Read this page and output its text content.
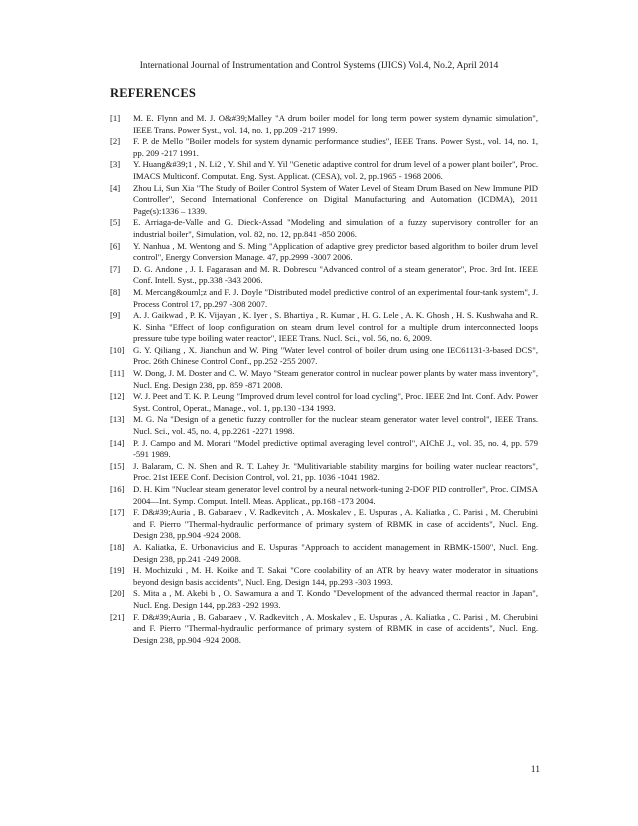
International Journal of Instrumentation and Control Systems (IJICS) Vol.4, No.2, April 2014
REFERENCES
[1]	M. E. Flynn and M. J. O&#39;Malley "A drum boiler model for long term power system dynamic simulation", IEEE Trans. Power Syst., vol. 14, no. 1, pp.209 -217 1999.
[2]	F. P. de Mello "Boiler models for system dynamic performance studies", IEEE Trans. Power Syst., vol. 14, no. 1, pp. 209 -217 1991.
[3]	Y. Huang&#39;1 , N. Li2 , Y. Shil and Y. Yil "Genetic adaptive control for drum level of a power plant boiler", Proc. IMACS Multiconf. Computat. Eng. Syst. Applicat. (CESA), vol. 2, pp.1965 - 1968 2006.
[4]	Zhou Li, Sun Xia "The Study of Boiler Control System of Water Level of Steam Drum Based on New Immune PID Controller", Second International Conference on Digital Manufacturing and Automation (ICDMA), 2011 Page(s):1336 – 1339.
[5]	E. Arriaga-de-Valle and G. Dieck-Assad "Modeling and simulation of a fuzzy supervisory controller for an industrial boiler", Simulation, vol. 82, no. 12, pp.841 -850 2006.
[6]	Y. Nanhua , M. Wentong and S. Ming "Application of adaptive grey predictor based algorithm to boiler drum level control", Energy Conversion Manage. 47, pp.2999 -3007 2006.
[7]	D. G. Andone , J. I. Fagarasan and M. R. Dobrescu "Advanced control of a steam generator", Proc. 3rd Int. IEEE Conf. Intell. Syst., pp.338 -343 2006.
[8]	M. Mercang&ouml;z and F. J. Doyle "Distributed model predictive control of an experimental four-tank system", J. Process Control 17, pp.297 -308 2007.
[9]	A. J. Gaikwad , P. K. Vijayan , K. Iyer , S. Bhartiya , R. Kumar , H. G. Lele , A. K. Ghosh , H. S. Kushwaha and R. K. Sinha "Effect of loop configuration on steam drum level control for a multiple drum interconnected loops pressure tube type boiling water reactor", IEEE Trans. Nucl. Sci., vol. 56, no. 6, 2009.
[10] G. Y. Qiliang , X. Jianchun and W. Ping "Water level control of boiler drum using one IEC61131-3-based DCS", Proc. 26th Chinese Control Conf., pp.252 -255 2007.
[11]	W. Dong, J. M. Doster and C. W. Mayo "Steam generator control in nuclear power plants by water mass inventory", Nucl. Eng. Design 238, pp. 859 -871 2008.
[12] W. J. Peet and T. K. P. Leung "Improved drum level control for load cycling", Proc. IEEE 2nd Int. Conf. Adv. Power Syst. Control, Operat., Manage., vol. 1, pp.130 -134 1993.
[13] M. G. Na "Design of a genetic fuzzy controller for the nuclear steam generator water level control", IEEE Trans. Nucl. Sci., vol. 45, no. 4, pp.2261 -2271 1998.
[14] P. J. Campo and M. Morari "Model predictive optimal averaging level control", AIChE J., vol. 35, no. 4, pp. 579 -591 1989.
[15] J. Balaram, C. N. Shen and R. T. Lahey Jr. "Mulitivariable stability margins for boiling water nuclear reactors", Proc. 21st IEEE Conf. Decision Control, vol. 21, pp. 1036 -1041 1982.
[16] D. H. Kim "Nuclear steam generator level control by a neural network-tuning 2-DOF PID controller", Proc. CIMSA 2004—Int. Symp. Comput. Intell. Meas. Applicat., pp.168 -173 2004.
[17] F. D&#39;Auria , B. Gabaraev , V. Radkevitch , A. Moskalev , E. Uspuras , A. Kaliatka , C. Parisi , M. Cherubini and F. Pierro "Thermal-hydraulic performance of primary system of RBMK in case of accidents", Nucl. Eng. Design 238, pp.904 -924 2008.
[18] A. Kaliatka, E. Urbonavicius and E. Uspuras "Approach to accident management in RBMK-1500", Nucl. Eng. Design 238, pp.241 -249 2008.
[19] H. Mochizuki , M. H. Koike and T. Sakai "Core coolability of an ATR by heavy water moderator in situations beyond design basis accidents", Nucl. Eng. Design 144, pp.293 -303 1993.
[20] S. Mita a , M. Akebi b , O. Sawamura a and T. Kondo "Development of the advanced thermal reactor in Japan", Nucl. Eng. Design 144, pp.283 -292 1993.
[21] F. D&#39;Auria , B. Gabaraev , V. Radkevitch , A. Moskalev , E. Uspuras , A. Kaliatka , C. Parisi , M. Cherubini and F. Pierro "Thermal-hydraulic performance of primary system of RBMK in case of accidents", Nucl. Eng. Design 238, pp.904 -924 2008.
11
